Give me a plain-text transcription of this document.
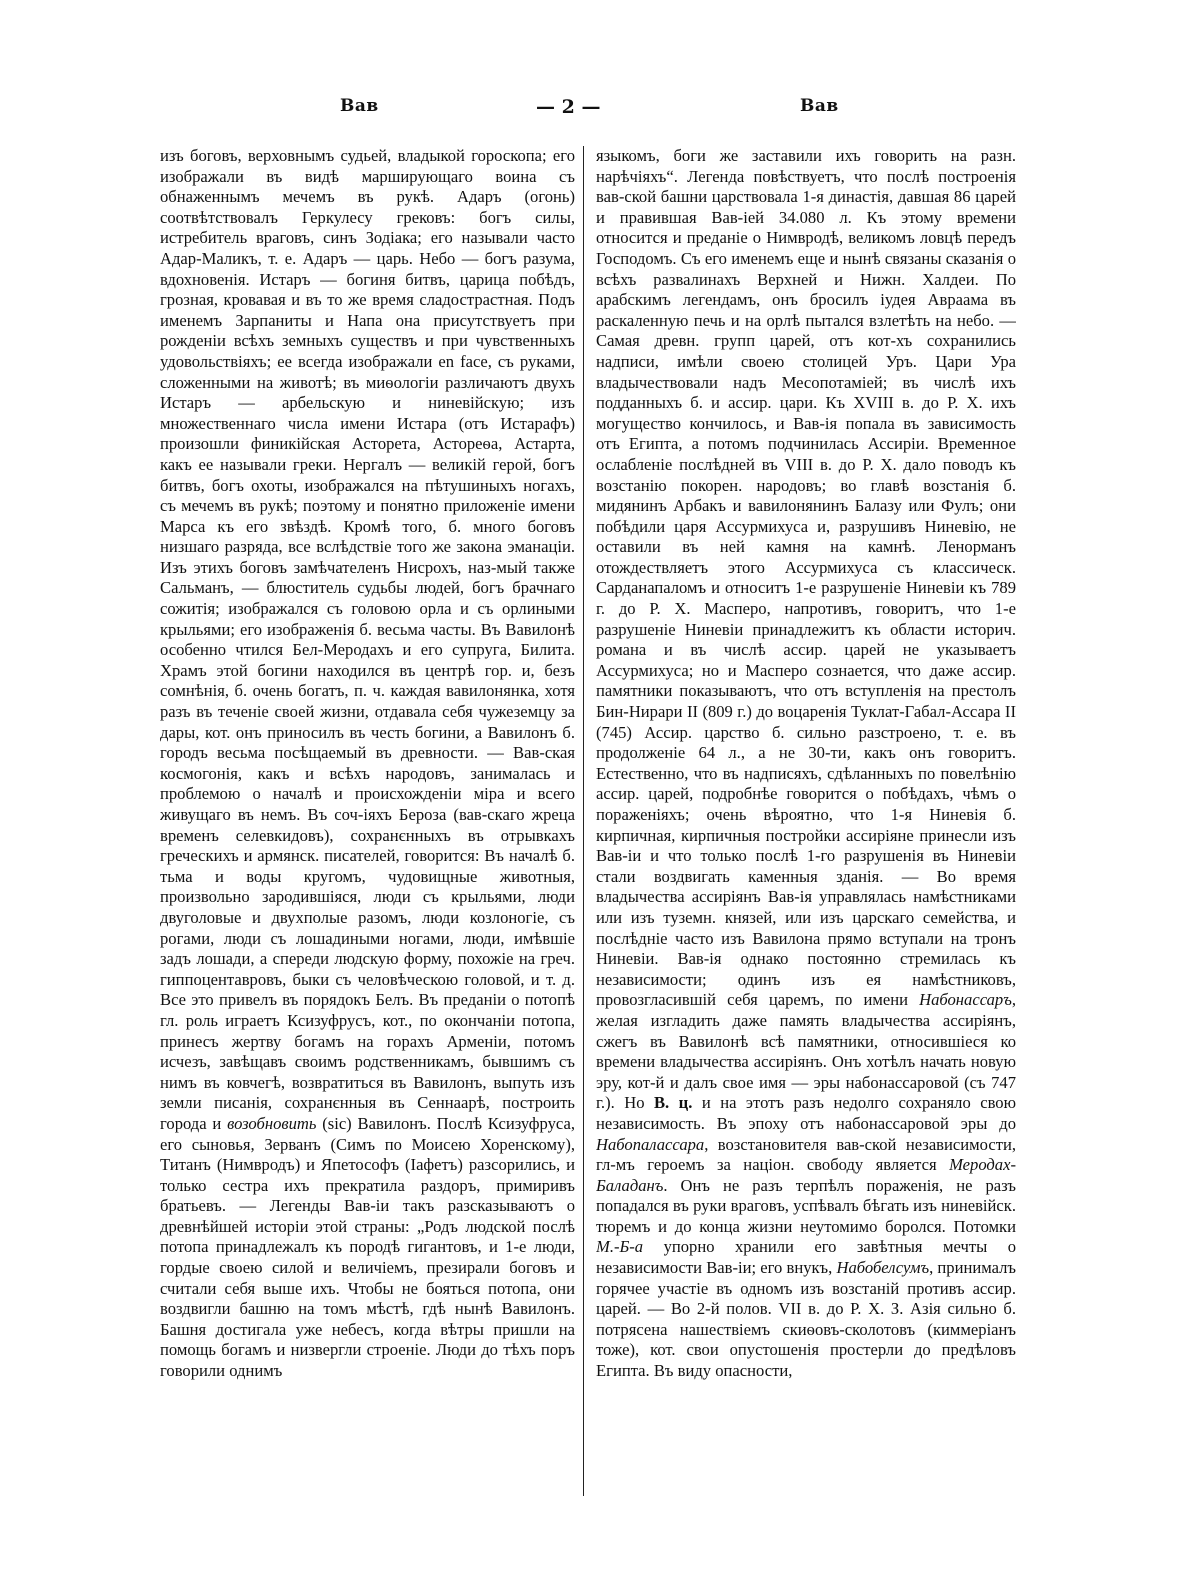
Вав	— 2 —	Вав

изъ боговъ, верховнымъ судьей, владыкой гороскопа; его изображали въ видѣ марширующаго воина съ обнаженнымъ мечемъ въ рукѣ. Адаръ (огонь) соотвѣтствовалъ Геркулесу грековъ: богъ силы, истребитель враговъ, синъ Зодіака; его называли часто Адар-Маликъ, т. е. Адаръ — царь. Небо — богъ разума, вдохновенія. Истаръ — богиня битвъ, царица побѣдъ, грозная, кровавая и въ то же время сладострастная. Подъ именемъ Зарпаниты и Напа она присутствуетъ при рожденіи всѣхъ земныхъ существъ и при чувственныхъ удовольствіяхъ; ее всегда изображали en face, съ руками, сложенными на животѣ; въ миѳологіи различаютъ двухъ Истаръ — арбельскую и ниневійскую; изъ множественнаго числа имени Истара (отъ Истарафъ) произошли финикійская Асторета, Астореѳа, Астарта, какъ ее называли греки. Нергалъ — великій герой, богъ битвъ, богъ охоты, изображался на пѣтушиныхъ ногахъ, съ мечемъ въ рукѣ; поэтому и понятно приложеніе имени Марса къ его звѣздѣ. Кромѣ того, б. много боговъ низшаго разряда, все вслѣдствіе того же закона эманаціи. Изъ этихъ боговъ замѣчателенъ Нисрохъ, наз-мый также Сальманъ, — блюститель судьбы людей, богъ брачнаго сожитія; изображался съ головою орла и съ орлиными крыльями; его изображенія б. весьма часты. Въ Вавилонѣ особенно чтился Бел-Меродахъ и его супруга, Билита. Храмъ этой богини находился въ центрѣ гор. и, безъ сомнѣнія, б. очень богатъ, п. ч. каждая вавилонянка, хотя разъ въ теченіе своей жизни, отдавала себя чужеземцу за дары, кот. онъ приносилъ въ честь богини, а Вавилонъ б. городъ весьма посѣщаемый въ древности. — Вав-ская космогонія, какъ и всѣхъ народовъ, занималась и проблемою о началѣ и происхожденіи міра и всего живущаго въ немъ. Въ соч-іяхъ Бероза (вав-скаго жреца временъ селевкидовъ), сохранєнныхъ въ отрывкахъ греческихъ и армянск. писателей, говорится: Въ началѣ б. тьма и воды кругомъ, чудовищные животныя, произвольно зародившіяся, люди съ крыльями, люди двуголовые и двухполые разомъ, люди козлоногіе, съ рогами, люди съ лошадиными ногами, люди, имѣвшіе задъ лошади, а спереди людскую форму, похожіе на греч. гиппоцентавровъ, быки съ человѣческою головой, и т. д. Все это привелъ въ порядокъ Белъ. Въ преданіи о потопѣ гл. роль играетъ Ксизуфрусъ, кот., по окончаніи потопа, принесъ жертву богамъ на горахъ Арменіи, потомъ исчезъ, завѣщавъ своимъ родственникамъ, бывшимъ съ нимъ въ ковчегѣ, возвратиться въ Вавилонъ, выпуть изъ земли писанія, сохранєнныя въ Сеннаарѣ, построить города и возобновить (sic) Вавилонъ. Послѣ Ксизуфруса, его сыновья, Зерванъ (Симъ по Моисею Хоренскому), Титанъ (Нимвродъ) и Япетософъ (Іафетъ) разсорились, и только сестра ихъ прекратила раздоръ, примиривъ братьевъ. — Легенды Вав-іи такъ разсказываютъ о древнѣйшей исторіи этой страны: „Родъ людской послѣ потопа принадлежалъ къ породѣ гигантовъ, и 1-е люди, гордые своею силой и величіемъ, презирали боговъ и считали себя выше ихъ. Чтобы не бояться потопа, они воздвигли башню на томъ мѣстѣ, гдѣ нынѣ Вавилонъ. Башня достигала уже небесъ, когда вѣтры пришли на помощь богамъ и низвергли строеніе. Люди до тѣхъ поръ говорили однимъ

языкомъ, боги же заставили ихъ говорить на разн. нарѣчіяхъ“. Легенда повѣствуетъ, что послѣ построенія вав-ской башни царствовала 1-я династія, давшая 86 царей и правившая Вав-іей 34.080 л. Къ этому времени относится и преданіе о Нимвродѣ, великомъ ловцѣ передъ Господомъ. Съ его именемъ еще и нынѣ связаны сказанія о всѣхъ развалинахъ Верхней и Нижн. Халдеи. По арабскимъ легендамъ, онъ бросилъ іудея Авраама въ раскаленную печь и на орлѣ пытался взлетѣть на небо. — Самая древн. групп царей, отъ кот-хъ сохранились надписи, имѣли своею столицей Уръ. Цари Ура владычествовали надъ Месопотаміей; въ числѣ ихъ подданныхъ б. и ассир. цари. Къ XVIII в. до Р. Х. ихъ могущество кончилось, и Вав-ія попала въ зависимость отъ Египта, а потомъ подчинилась Ассиріи. Временное ослабленіе послѣдней въ VIII в. до Р. Х. дало поводъ къ возстанію покорен. народовъ; во главѣ возстанія б. мидянинъ Арбакъ и вавилонянинъ Балазу или Фулъ; они побѣдили царя Ассурмихуса и, разрушивъ Ниневію, не оставили въ ней камня на камнѣ. Ленорманъ отождествляетъ этого Ассурмихуса съ классическ. Сарданапаломъ и относитъ 1-е разрушеніе Ниневіи къ 789 г. до Р. Х. Масперо, напротивъ, говоритъ, что 1-е разрушеніе Ниневіи принадлежитъ къ области историч. романа и въ числѣ ассир. царей не указываетъ Ассурмихуса; но и Масперо сознается, что даже ассир. памятники показываютъ, что отъ вступленія на престолъ Бин-Нирари II (809 г.) до воцаренія Туклат-Габал-Ассара II (745) Ассир. царство б. сильно разстроено, т. е. въ продолженіе 64 л., а не 30-ти, какъ онъ говоритъ. Естественно, что въ надписяхъ, сдѣланныхъ по повелѣнію ассир. царей, подробнѣе говорится о побѣдахъ, чѣмъ о пораженіяхъ; очень вѣроятно, что 1-я Ниневія б. кирпичная, кирпичныя постройки ассиріяне принесли изъ Вав-іи и что только послѣ 1-го разрушенія въ Ниневіи стали воздвигать каменныя зданія. — Во время владычества ассиріянъ Вав-ія управлялась намѣстниками или изъ туземн. князей, или изъ царскаго семейства, и послѣдніе часто изъ Вавилона прямо вступали на тронъ Ниневіи. Вав-ія однако постоянно стремилась къ независимости; одинъ изъ ея намѣстниковъ, провозгласившій себя царемъ, по имени Набонассаръ, желая изгладить даже память владычества ассиріянъ, сжегъ въ Вавилонѣ всѣ памятники, относившіеся ко времени владычества ассиріянъ. Онъ хотѣлъ начать новую эру, кот-й и далъ свое имя — эры набонассаровой (съ 747 г.). Но В. ц. и на этотъ разъ недолго сохраняло свою независимость. Въ эпоху отъ набонассаровой эры до Набопалассара, возстановителя вав-ской независимости, гл-мъ героемъ за націон. свободу является Меродах-Баладанъ. Онъ не разъ терпѣлъ пораженія, не разъ попадался въ руки враговъ, успѣвалъ бѣгать изъ ниневійск. тюремъ и до конца жизни неутомимо боролся. Потомки М.-Б-а упорно хранили его завѣтныя мечты о независимости Вав-іи; его внукъ, Набобелсумъ, принималъ горячее участіе въ одномъ изъ возстаній противъ ассир. царей. — Во 2-й полов. VII в. до Р. Х. З. Азія сильно б. потрясена нашествіемъ скиѳовъ-сколотовъ (киммеріанъ тоже), кот. свои опустошенія простерли до предѣловъ Египта. Въ виду опасности,
